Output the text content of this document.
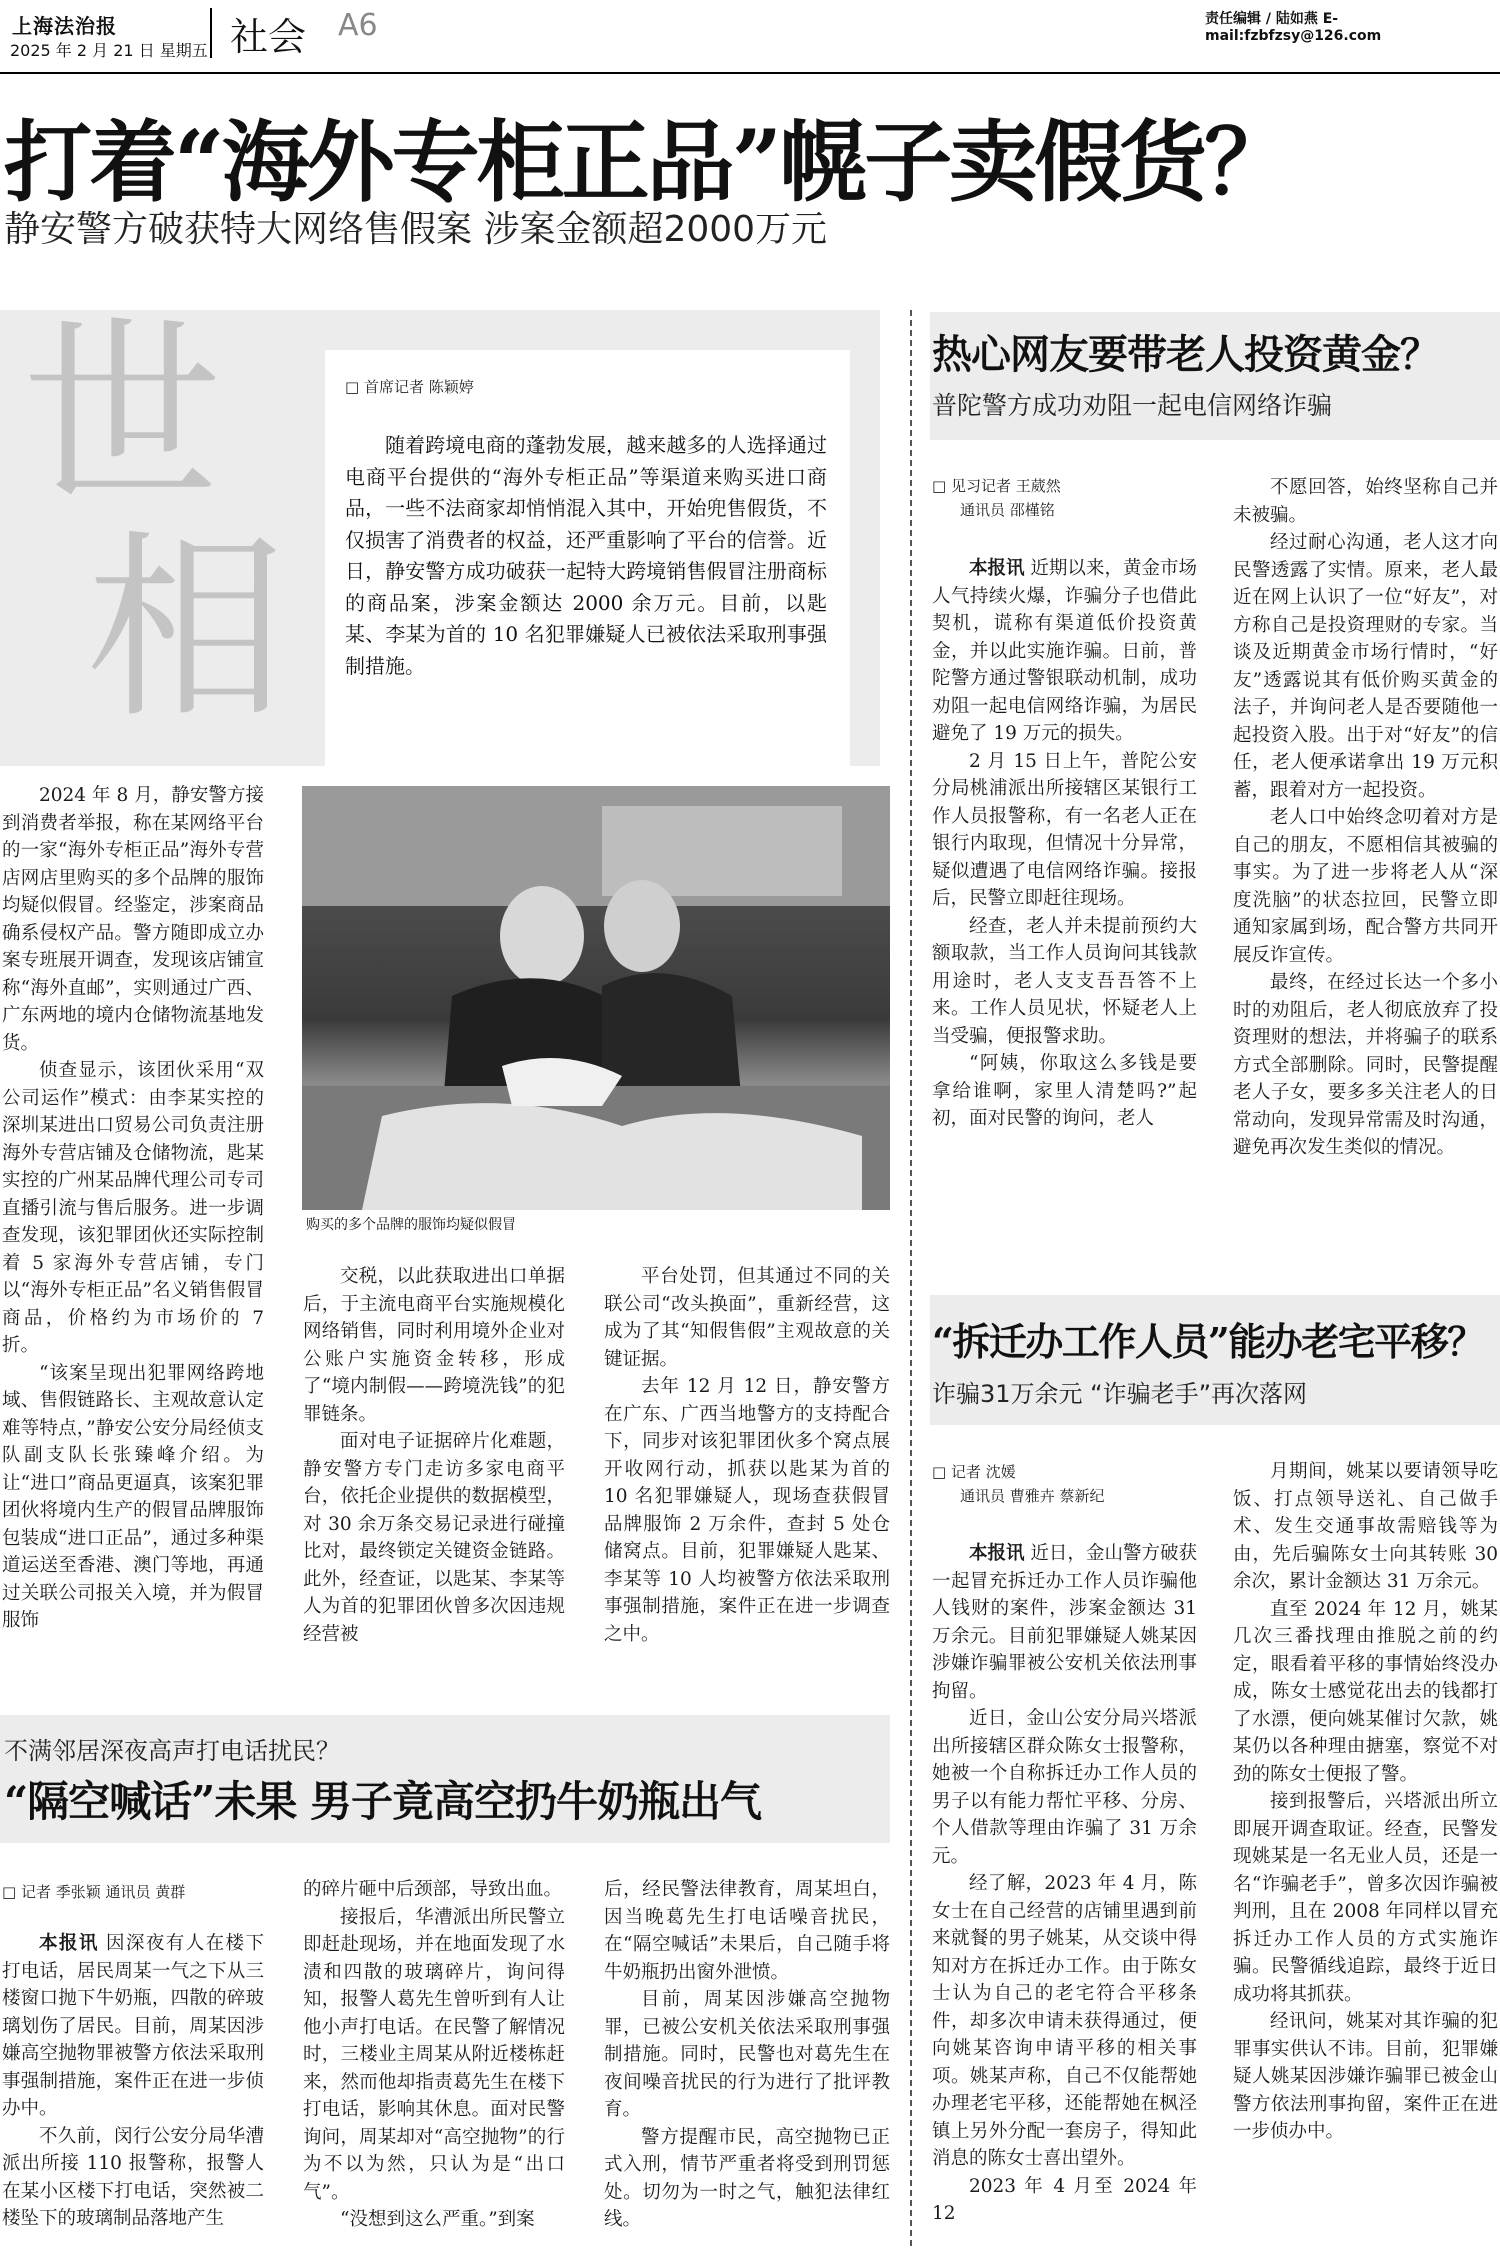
上海法治报
2025 年 2 月 21 日 星期五 社会 A6	责任编辑 / 陆如燕 E-mail:fzbfzsy@126.com
打着“海外专柜正品”幌子卖假货？
静安警方破获特大网络售假案 涉案金额超2000万元
世
相
□ 首席记者 陈颖婷
随着跨境电商的蓬勃发展，越来越多的人选择通过电商平台提供的“海外专柜正品”等渠道来购买进口商品，一些不法商家却悄悄混入其中，开始兜售假货，不仅损害了消费者的权益，还严重影响了平台的信誉。近日，静安警方成功破获一起特大跨境销售假冒注册商标的商品案，涉案金额达 2000 余万元。目前，以匙某、李某为首的 10 名犯罪嫌疑人已被依法采取刑事强制措施。

2024 年 8 月，静安警方接到消费者举报，称在某网络平台的一家“海外专柜正品”海外专营店网店里购买的多个品牌的服饰均疑似假冒。经鉴定，涉案商品确系侵权产品。警方随即成立办案专班展开调查，发现该店铺宣称“海外直邮”，实则通过广西、广东两地的境内仓储物流基地发货。

侦查显示，该团伙采用“双公司运作”模式：由李某实控的深圳某进出口贸易公司负责注册海外专营店铺及仓储物流，匙某实控的广州某品牌代理公司专司直播引流与售后服务。进一步调查发现，该犯罪团伙还实际控制着 5 家海外专营店铺，专门以“海外专柜正品”名义销售假冒商品，价格约为市场价的 7 折。

“该案呈现出犯罪网络跨地域、售假链路长、主观故意认定难等特点，”静安公安分局经侦支队副支队长张臻峰介绍。为让“进口”商品更逼真，该案犯罪团伙将境内生产的假冒品牌服饰包装成“进口正品”，通过多种渠道运送至香港、澳门等地，再通过关联公司报关入境，并为假冒服饰

购买的多个品牌的服饰均疑似假冒

交税，以此获取进出口单据后，于主流电商平台实施规模化网络销售，同时利用境外企业对公账户实施资金转移，形成了“境内制假——跨境洗钱”的犯罪链条。

面对电子证据碎片化难题，静安警方专门走访多家电商平台，依托企业提供的数据模型，对 30 余万条交易记录进行碰撞比对，最终锁定关键资金链路。此外，经查证，以匙某、李某等人为首的犯罪团伙曾多次因违规经营被

平台处罚，但其通过不同的关联公司“改头换面”，重新经营，这成为了其“知假售假”主观故意的关键证据。

去年 12 月 12 日，静安警方在广东、广西当地警方的支持配合下，同步对该犯罪团伙多个窝点展开收网行动，抓获以匙某为首的 10 名犯罪嫌疑人，现场查获假冒品牌服饰 2 万余件，查封 5 处仓储窝点。目前，犯罪嫌疑人匙某、李某等 10 人均被警方依法采取刑事强制措施，案件正在进一步调查之中。

热心网友要带老人投资黄金？
普陀警方成功劝阻一起电信网络诈骗
□ 见习记者 王葳然
通讯员 邵槿铭

本报讯 近期以来，黄金市场人气持续火爆，诈骗分子也借此契机，谎称有渠道低价投资黄金，并以此实施诈骗。日前，普陀警方通过警银联动机制，成功劝阻一起电信网络诈骗，为居民避免了 19 万元的损失。

2 月 15 日上午，普陀公安分局桃浦派出所接辖区某银行工作人员报警称，有一名老人正在银行内取现，但情况十分异常，疑似遭遇了电信网络诈骗。接报后，民警立即赶往现场。

经查，老人并未提前预约大额取款，当工作人员询问其钱款用途时，老人支支吾吾答不上来。工作人员见状，怀疑老人上当受骗，便报警求助。

“阿姨，你取这么多钱是要拿给谁啊，家里人清楚吗?”起初，面对民警的询问，老人

不愿回答，始终坚称自己并未被骗。

经过耐心沟通，老人这才向民警透露了实情。原来，老人最近在网上认识了一位“好友”，对方称自己是投资理财的专家。当谈及近期黄金市场行情时，“好友”透露说其有低价购买黄金的法子，并询问老人是否要随他一起投资入股。出于对“好友”的信任，老人便承诺拿出 19 万元积蓄，跟着对方一起投资。

老人口中始终念叨着对方是自己的朋友，不愿相信其被骗的事实。为了进一步将老人从“深度洗脑”的状态拉回，民警立即通知家属到场，配合警方共同开展反诈宣传。

最终，在经过长达一个多小时的劝阻后，老人彻底放弃了投资理财的想法，并将骗子的联系方式全部删除。同时，民警提醒老人子女，要多多关注老人的日常动向，发现异常需及时沟通，避免再次发生类似的情况。

“拆迁办工作人员”能办老宅平移？
诈骗31万余元 “诈骗老手”再次落网
□ 记者 沈媛
通讯员 曹雅卉 蔡新纪

本报讯 近日，金山警方破获一起冒充拆迁办工作人员诈骗他人钱财的案件，涉案金额达 31 万余元。目前犯罪嫌疑人姚某因涉嫌诈骗罪被公安机关依法刑事拘留。

近日，金山公安分局兴塔派出所接辖区群众陈女士报警称，她被一个自称拆迁办工作人员的男子以有能力帮忙平移、分房、个人借款等理由诈骗了 31 万余元。

经了解，2023 年 4 月，陈女士在自己经营的店铺里遇到前来就餐的男子姚某，从交谈中得知对方在拆迁办工作。由于陈女士认为自己的老宅符合平移条件，却多次申请未获得通过，便向姚某咨询申请平移的相关事项。姚某声称，自己不仅能帮她办理老宅平移，还能帮她在枫泾镇上另外分配一套房子，得知此消息的陈女士喜出望外。

2023 年 4 月至 2024 年 12

月期间，姚某以要请领导吃饭、打点领导送礼、自己做手术、发生交通事故需赔钱等为由，先后骗陈女士向其转账 30 余次，累计金额达 31 万余元。

直至 2024 年 12 月，姚某几次三番找理由推脱之前的约定，眼看着平移的事情始终没办成，陈女士感觉花出去的钱都打了水漂，便向姚某催讨欠款，姚某仍以各种理由搪塞，察觉不对劲的陈女士便报了警。

接到报警后，兴塔派出所立即展开调查取证。经查，民警发现姚某是一名无业人员，还是一名“诈骗老手”，曾多次因诈骗被判刑，且在 2008 年同样以冒充拆迁办工作人员的方式实施诈骗。民警循线追踪，最终于近日成功将其抓获。

经讯问，姚某对其诈骗的犯罪事实供认不讳。目前，犯罪嫌疑人姚某因涉嫌诈骗罪已被金山警方依法刑事拘留，案件正在进一步侦办中。

不满邻居深夜高声打电话扰民？
“隔空喊话”未果 男子竟高空扔牛奶瓶出气
□ 记者 季张颖 通讯员 黄群

本报讯 因深夜有人在楼下打电话，居民周某一气之下从三楼窗口抛下牛奶瓶，四散的碎玻璃划伤了居民。目前，周某因涉嫌高空抛物罪被警方依法采取刑事强制措施，案件正在进一步侦办中。

不久前，闵行公安分局华漕派出所接 110 报警称，报警人在某小区楼下打电话，突然被二楼坠下的玻璃制品落地产生

的碎片砸中后颈部，导致出血。

接报后，华漕派出所民警立即赶赴现场，并在地面发现了水渍和四散的玻璃碎片，询问得知，报警人葛先生曾听到有人让他小声打电话。在民警了解情况时，三楼业主周某从附近楼栋赶来，然而他却指责葛先生在楼下打电话，影响其休息。面对民警询问，周某却对“高空抛物”的行为不以为然，只认为是“出口气”。

“没想到这么严重。”到案

后，经民警法律教育，周某坦白，因当晚葛先生打电话噪音扰民，在“隔空喊话”未果后，自己随手将牛奶瓶扔出窗外泄愤。

目前，周某因涉嫌高空抛物罪，已被公安机关依法采取刑事强制措施。同时，民警也对葛先生在夜间噪音扰民的行为进行了批评教育。

警方提醒市民，高空抛物已正式入刑，情节严重者将受到刑罚惩处。切勿为一时之气，触犯法律红线。
